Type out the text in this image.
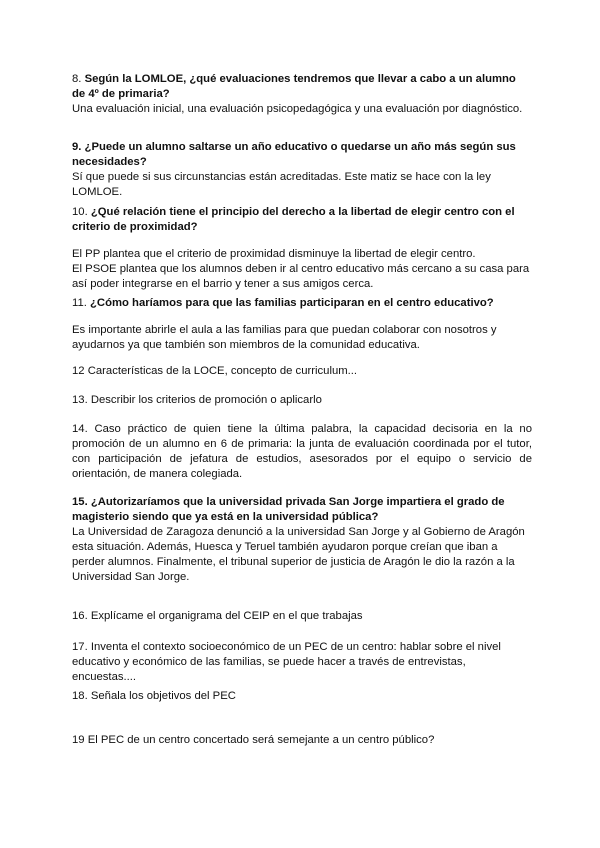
8. Según la LOMLOE, ¿qué evaluaciones tendremos que llevar a cabo a un alumno de 4º de primaria?

Una evaluación inicial, una evaluación psicopedagógica y una evaluación por diagnóstico.

9. ¿Puede un alumno saltarse un año educativo o quedarse un año más según sus necesidades?

Sí que puede si sus circunstancias están acreditadas. Este matiz se hace con la ley LOMLOE.

10. ¿Qué relación tiene el principio del derecho a la libertad de elegir centro con el criterio de proximidad?

El PP plantea que el criterio de proximidad disminuye la libertad de elegir centro.

El PSOE plantea que los alumnos deben ir al centro educativo más cercano a su casa para así poder integrarse en el barrio y tener a sus amigos cerca.

11. ¿Cómo haríamos para que las familias participaran en el centro educativo?

Es importante abrirle el aula a las familias para que puedan colaborar con nosotros y ayudarnos ya que también son miembros de la comunidad educativa.

12 Características de la LOCE, concepto de curriculum...

13. Describir los criterios de promoción o aplicarlo

14. Caso práctico de quien tiene la última palabra, la capacidad decisoria en la no promoción de un alumno en 6 de primaria: la junta de evaluación coordinada por el tutor, con participación de jefatura de estudios, asesorados por el equipo o servicio de orientación, de manera colegiada.

15. ¿Autorizaríamos que la universidad privada San Jorge impartiera el grado de magisterio siendo que ya está en la universidad pública?

La Universidad de Zaragoza denunció a la universidad San Jorge y al Gobierno de Aragón esta situación. Además, Huesca y Teruel también ayudaron porque creían que iban a perder alumnos. Finalmente, el tribunal superior de justicia de Aragón le dio la razón a la Universidad San Jorge.

16. Explícame el organigrama del CEIP en el que trabajas

17. Inventa el contexto socioeconómico de un PEC de un centro: hablar sobre el nivel educativo y económico de las familias, se puede hacer a través de entrevistas, encuestas....

18. Señala los objetivos del PEC

19 El PEC de un centro concertado será semejante a un centro público?
